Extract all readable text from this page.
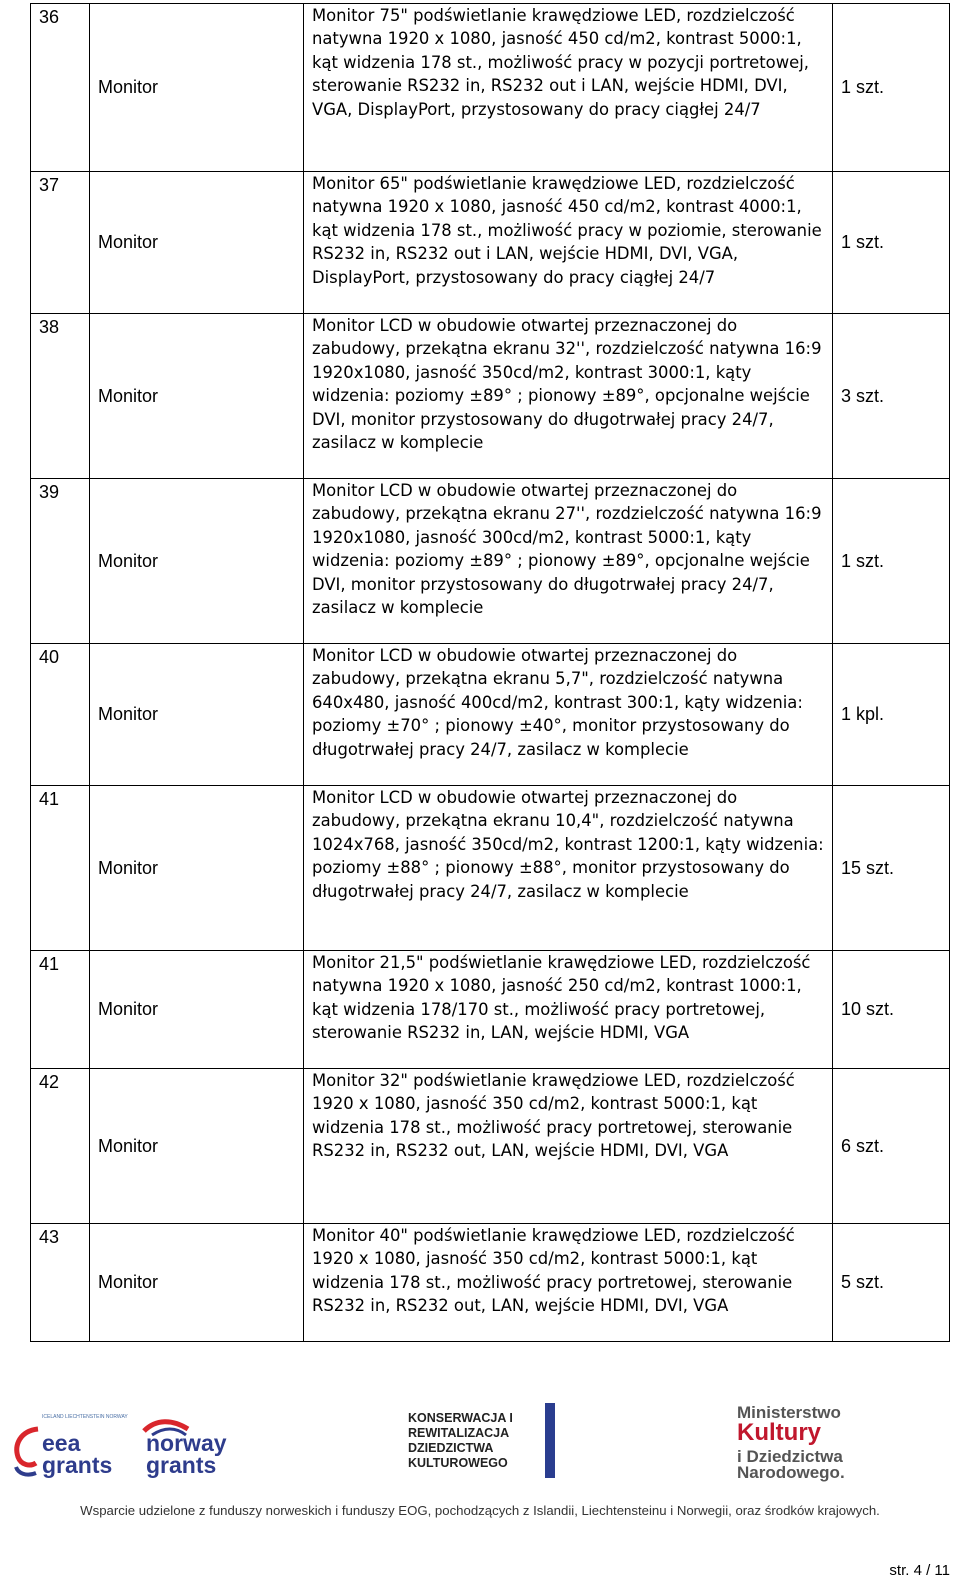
36	Monitor	Monitor 75" podświetlanie krawędziowe LED, rozdzielczość natywna 1920 x 1080, jasność 450 cd/m2, kontrast 5000:1, kąt widzenia 178 st., możliwość pracy w pozycji portretowej, sterowanie RS232 in, RS232 out i LAN, wejście HDMI, DVI, VGA, DisplayPort, przystosowany do pracy ciągłej 24/7	1 szt.
37	Monitor	Monitor 65" podświetlanie krawędziowe LED, rozdzielczość natywna 1920 x 1080, jasność 450 cd/m2, kontrast 4000:1, kąt widzenia 178 st., możliwość pracy w poziomie, sterowanie RS232 in, RS232 out i LAN, wejście HDMI, DVI, VGA, DisplayPort, przystosowany do pracy ciągłej 24/7	1 szt.
38	Monitor	Monitor LCD w obudowie otwartej przeznaczonej do zabudowy, przekątna ekranu 32'', rozdzielczość natywna 16:9 1920x1080, jasność 350cd/m2, kontrast 3000:1, kąty widzenia: poziomy ±89° ; pionowy ±89°, opcjonalne wejście DVI, monitor przystosowany do długotrwałej pracy 24/7, zasilacz w komplecie	3 szt.
39	Monitor	Monitor LCD w obudowie otwartej przeznaczonej do zabudowy, przekątna ekranu 27'', rozdzielczość natywna 16:9 1920x1080, jasność 300cd/m2, kontrast 5000:1, kąty widzenia: poziomy ±89° ; pionowy ±89°, opcjonalne wejście DVI, monitor przystosowany do długotrwałej pracy 24/7, zasilacz w komplecie	1 szt.
40	Monitor	Monitor LCD w obudowie otwartej przeznaczonej do zabudowy, przekątna ekranu 5,7", rozdzielczość natywna 640x480, jasność 400cd/m2, kontrast 300:1, kąty widzenia: poziomy ±70° ; pionowy ±40°, monitor przystosowany do długotrwałej pracy 24/7, zasilacz w komplecie	1 kpl.
41	Monitor	Monitor LCD w obudowie otwartej przeznaczonej do zabudowy, przekątna ekranu 10,4", rozdzielczość natywna 1024x768, jasność 350cd/m2, kontrast 1200:1, kąty widzenia: poziomy ±88° ; pionowy ±88°, monitor przystosowany do długotrwałej pracy 24/7, zasilacz w komplecie	15 szt.
41	Monitor	Monitor 21,5" podświetlanie krawędziowe LED, rozdzielczość natywna 1920 x 1080, jasność 250 cd/m2, kontrast 1000:1, kąt widzenia 178/170 st., możliwość pracy portretowej, sterowanie RS232 in, LAN, wejście HDMI, VGA	10 szt.
42	Monitor	Monitor 32" podświetlanie krawędziowe LED, rozdzielczość 1920 x 1080, jasność 350 cd/m2, kontrast 5000:1, kąt widzenia 178 st., możliwość pracy portretowej, sterowanie RS232 in, RS232 out, LAN, wejście HDMI, DVI, VGA	6 szt.
43	Monitor	Monitor 40" podświetlanie krawędziowe LED, rozdzielczość 1920 x 1080, jasność 350 cd/m2, kontrast 5000:1, kąt widzenia 178 st., możliwość pracy portretowej, sterowanie RS232 in, RS232 out, LAN, wejście HDMI, DVI, VGA	5 szt.
ICELAND LIECHTENSTEIN NORWAY
eea grants
norway grants
KONSERWACJA I REWITALIZACJA DZIEDZICTWA KULTUROWEGO
Ministerstwo
Kultury
i Dziedzictwa
Narodowego.
Wsparcie udzielone z funduszy norweskich i funduszy EOG, pochodzących z Islandii, Liechtensteinu i Norwegii, oraz środków krajowych.
str. 4 / 11
